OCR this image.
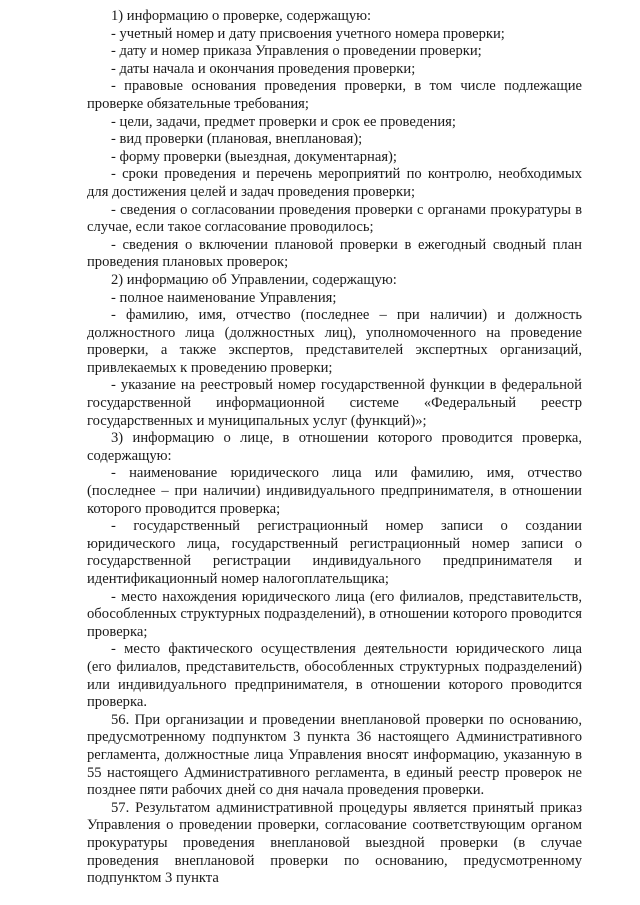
1) информацию о проверке, содержащую:

- учетный номер и дату присвоения учетного номера проверки;

- дату и номер приказа Управления о проведении проверки;

- даты начала и окончания проведения проверки;

- правовые основания проведения проверки, в том числе подлежащие проверке обязательные требования;

- цели, задачи, предмет проверки и срок ее проведения;

- вид проверки (плановая, внеплановая);

- форму проверки (выездная, документарная);

- сроки проведения и перечень мероприятий по контролю, необходимых для достижения целей и задач проведения проверки;

- сведения о согласовании проведения проверки с органами прокуратуры в случае, если такое согласование проводилось;

- сведения о включении плановой проверки в ежегодный сводный план проведения плановых проверок;

2) информацию об Управлении, содержащую:

- полное наименование Управления;

- фамилию, имя, отчество (последнее – при наличии) и должность должностного лица (должностных лиц), уполномоченного на проведение проверки, а также экспертов, представителей экспертных организаций, привлекаемых к проведению проверки;

- указание на реестровый номер государственной функции в федеральной государственной информационной системе «Федеральный реестр государственных и муниципальных услуг (функций)»;

3) информацию о лице, в отношении которого проводится проверка, содержащую:

- наименование юридического лица или фамилию, имя, отчество (последнее – при наличии) индивидуального предпринимателя, в отношении которого проводится проверка;

- государственный регистрационный номер записи о создании юридического лица, государственный регистрационный номер записи о государственной регистрации индивидуального предпринимателя и идентификационный номер налогоплательщика;

- место нахождения юридического лица (его филиалов, представительств, обособленных структурных подразделений), в отношении которого проводится проверка;

- место фактического осуществления деятельности юридического лица (его филиалов, представительств, обособленных структурных подразделений) или индивидуального предпринимателя, в отношении которого проводится проверка.

56. При организации и проведении внеплановой проверки по основанию, предусмотренному подпунктом 3 пункта 36 настоящего Административного регламента, должностные лица Управления вносят информацию, указанную в 55 настоящего Административного регламента, в единый реестр проверок не позднее пяти рабочих дней со дня начала проведения проверки.

57. Результатом административной процедуры является принятый приказ Управления о проведении проверки, согласование соответствующим органом прокуратуры проведения внеплановой выездной проверки (в случае проведения внеплановой проверки по основанию, предусмотренному подпунктом 3 пункта
